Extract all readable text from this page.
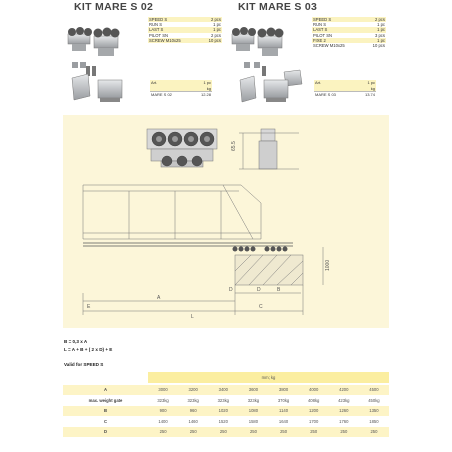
KIT MARE S 02
SPEED S	2 pcs
RUN S	1 pc
LAST S	1 pc
PILOT SN	2 pcs
SCREW M10x25	10 pcs
Art.	1 pc
	kg
MARE S 02	12.28
KIT MARE S 03
SPEED S	2 pcs
RUN S	1 pc
LAST S	1 pc
PILOT SN	3 pcs
FIXE 2	1 pc
SCREW M10x25	10 pcs
Art.	1 pc
	kg
MARE S 03	13.74
A
D	D	B
C
E
L
65.5
1000
B = 0,3 x A
L = A + B + ( 2 x D) + E
Valid for SPEED S
	mm; kg							

A	3000	3200	3400	3600	3800	4000	4200	4500
max. weight gate	323kg	323kg	323kg	323kg	370kg	408kg	423kg	450kg
B	900	960	1020	1080	1140	1200	1260	1350
C	1400	1460	1520	1580	1640	1700	1760	1850
D	250	250	250	250	250	250	250	250
